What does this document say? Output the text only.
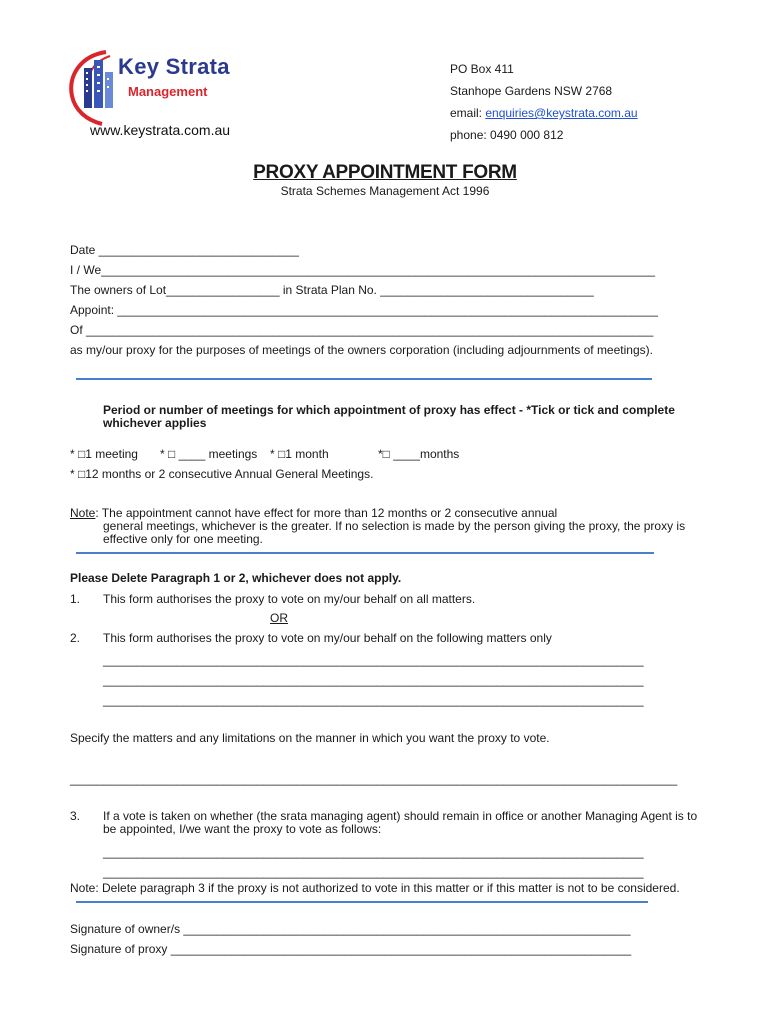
Key Strata
Management
www.keystrata.com.au
PO Box 411
Stanhope Gardens NSW 2768
email: enquiries@keystrata.com.au
phone: 0490 000 812
PROXY APPOINTMENT FORM
Strata Schemes Management Act 1996
Date ______________________________
I / We___________________________________________________________________________________
The owners of Lot_________________ in Strata Plan No. ________________________________
Appoint: _________________________________________________________________________________
Of _____________________________________________________________________________________
as my/our proxy for the purposes of meetings of the owners corporation (including adjournments of meetings).
Period or number of meetings for which appointment of proxy has effect - *Tick or tick and complete
whichever applies
* □1 meeting * □ ____ meetings * □1 month	*□ ____months
* □12 months or 2 consecutive Annual General Meetings.
Note: The appointment cannot have effect for more than 12 months or 2 consecutive annual
general meetings, whichever is the greater. If no selection is made by the person giving the proxy, the proxy is
effective only for one meeting.
Please Delete Paragraph 1 or 2, whichever does not apply.
1. This form authorises the proxy to vote on my/our behalf on all matters.
OR
2. This form authorises the proxy to vote on my/our behalf on the following matters only
_________________________________________________________________________________
_________________________________________________________________________________
_________________________________________________________________________________
Specify the matters and any limitations on the manner in which you want the proxy to vote.
___________________________________________________________________________________________
3. If a vote is taken on whether (the srata managing agent) should remain in office or another Managing Agent is to
be appointed, I/we want the proxy to vote as follows:
_________________________________________________________________________________
_________________________________________________________________________________
Note: Delete paragraph 3 if the proxy is not authorized to vote in this matter or if this matter is not to be considered.
Signature of owner/s ___________________________________________________________________
Signature of proxy _____________________________________________________________________
